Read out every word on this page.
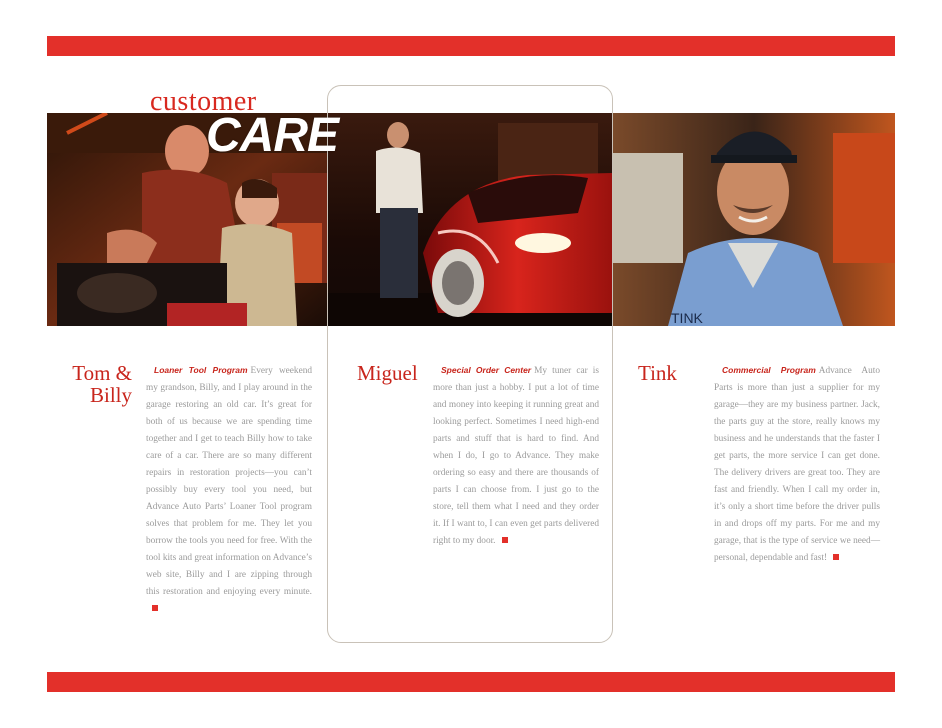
TINK
customer
CARE
Tom &
Billy
Miguel	Tink
Loaner Tool Program Every weekend my grandson, Billy, and I play around in the garage restoring an old car. It’s great for both of us because we are spending time together and I get to teach Billy how to take care of a car. There are so many different repairs in restoration projects—you can’t possibly buy every tool you need, but Advance Auto Parts’ Loaner Tool program solves that problem for me. They let you borrow the tools you need for free. With the tool kits and great information on Advance’s web site, Billy and I are zipping through this restoration and enjoying every minute.
Special Order Center My tuner car is more than just a hobby. I put a lot of time and money into keeping it running great and looking perfect. Sometimes I need high-end parts and stuff that is hard to find. And when I do, I go to Advance. They make ordering so easy and there are thousands of parts I can choose from. I just go to the store, tell them what I need and they order it. If I want to, I can even get parts delivered right to my door.
Commercial Program Advance Auto Parts is more than just a supplier for my garage—they are my business partner. Jack, the parts guy at the store, really knows my business and he understands that the faster I get parts, the more service I can get done. The delivery drivers are great too. They are fast and friendly. When I call my order in, it’s only a short time before the driver pulls in and drops off my parts. For me and my garage, that is the type of service we need—personal, dependable and fast!
